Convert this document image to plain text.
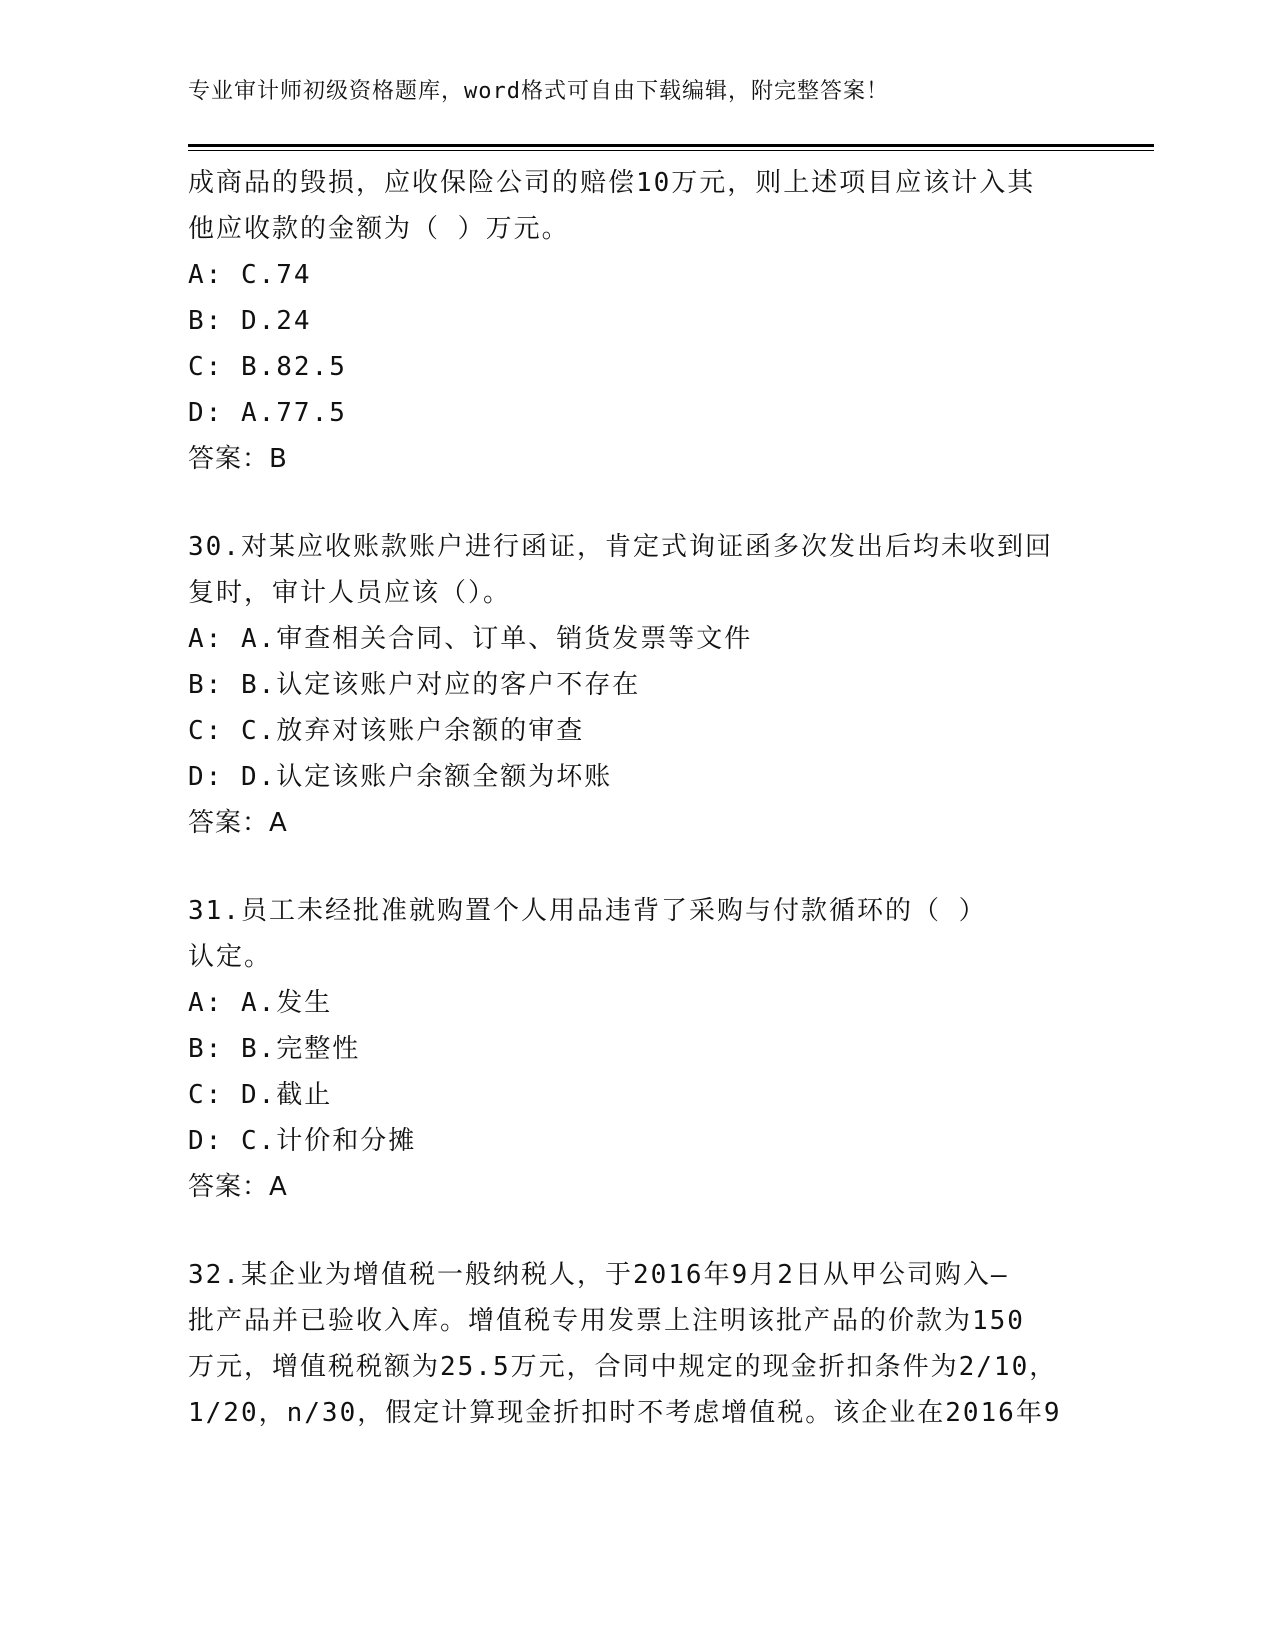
专业审计师初级资格题库，word格式可自由下载编辑，附完整答案！
成商品的毁损，应收保险公司的赔偿10万元，则上述项目应该计入其
他应收款的金额为（ ）万元。
A: C.74
B: D.24
C: B.82.5
D: A.77.5
答案：B
30.对某应收账款账户进行函证，肯定式询证函多次发出后均未收到回
复时，审计人员应该（）。
A: A.审查相关合同、订单、销货发票等文件
B: B.认定该账户对应的客户不存在
C: C.放弃对该账户余额的审查
D: D.认定该账户余额全额为坏账
答案：A
31.员工未经批准就购置个人用品违背了采购与付款循环的（ ）
认定。
A: A.发生
B: B.完整性
C: D.截止
D: C.计价和分摊
答案：A
32.某企业为增值税一般纳税人，于2016年9月2日从甲公司购入—
批产品并已验收入库。增值税专用发票上注明该批产品的价款为150
万元，增值税税额为25.5万元，合同中规定的现金折扣条件为2/10，
1/20，n/30，假定计算现金折扣时不考虑增值税。该企业在2016年9
